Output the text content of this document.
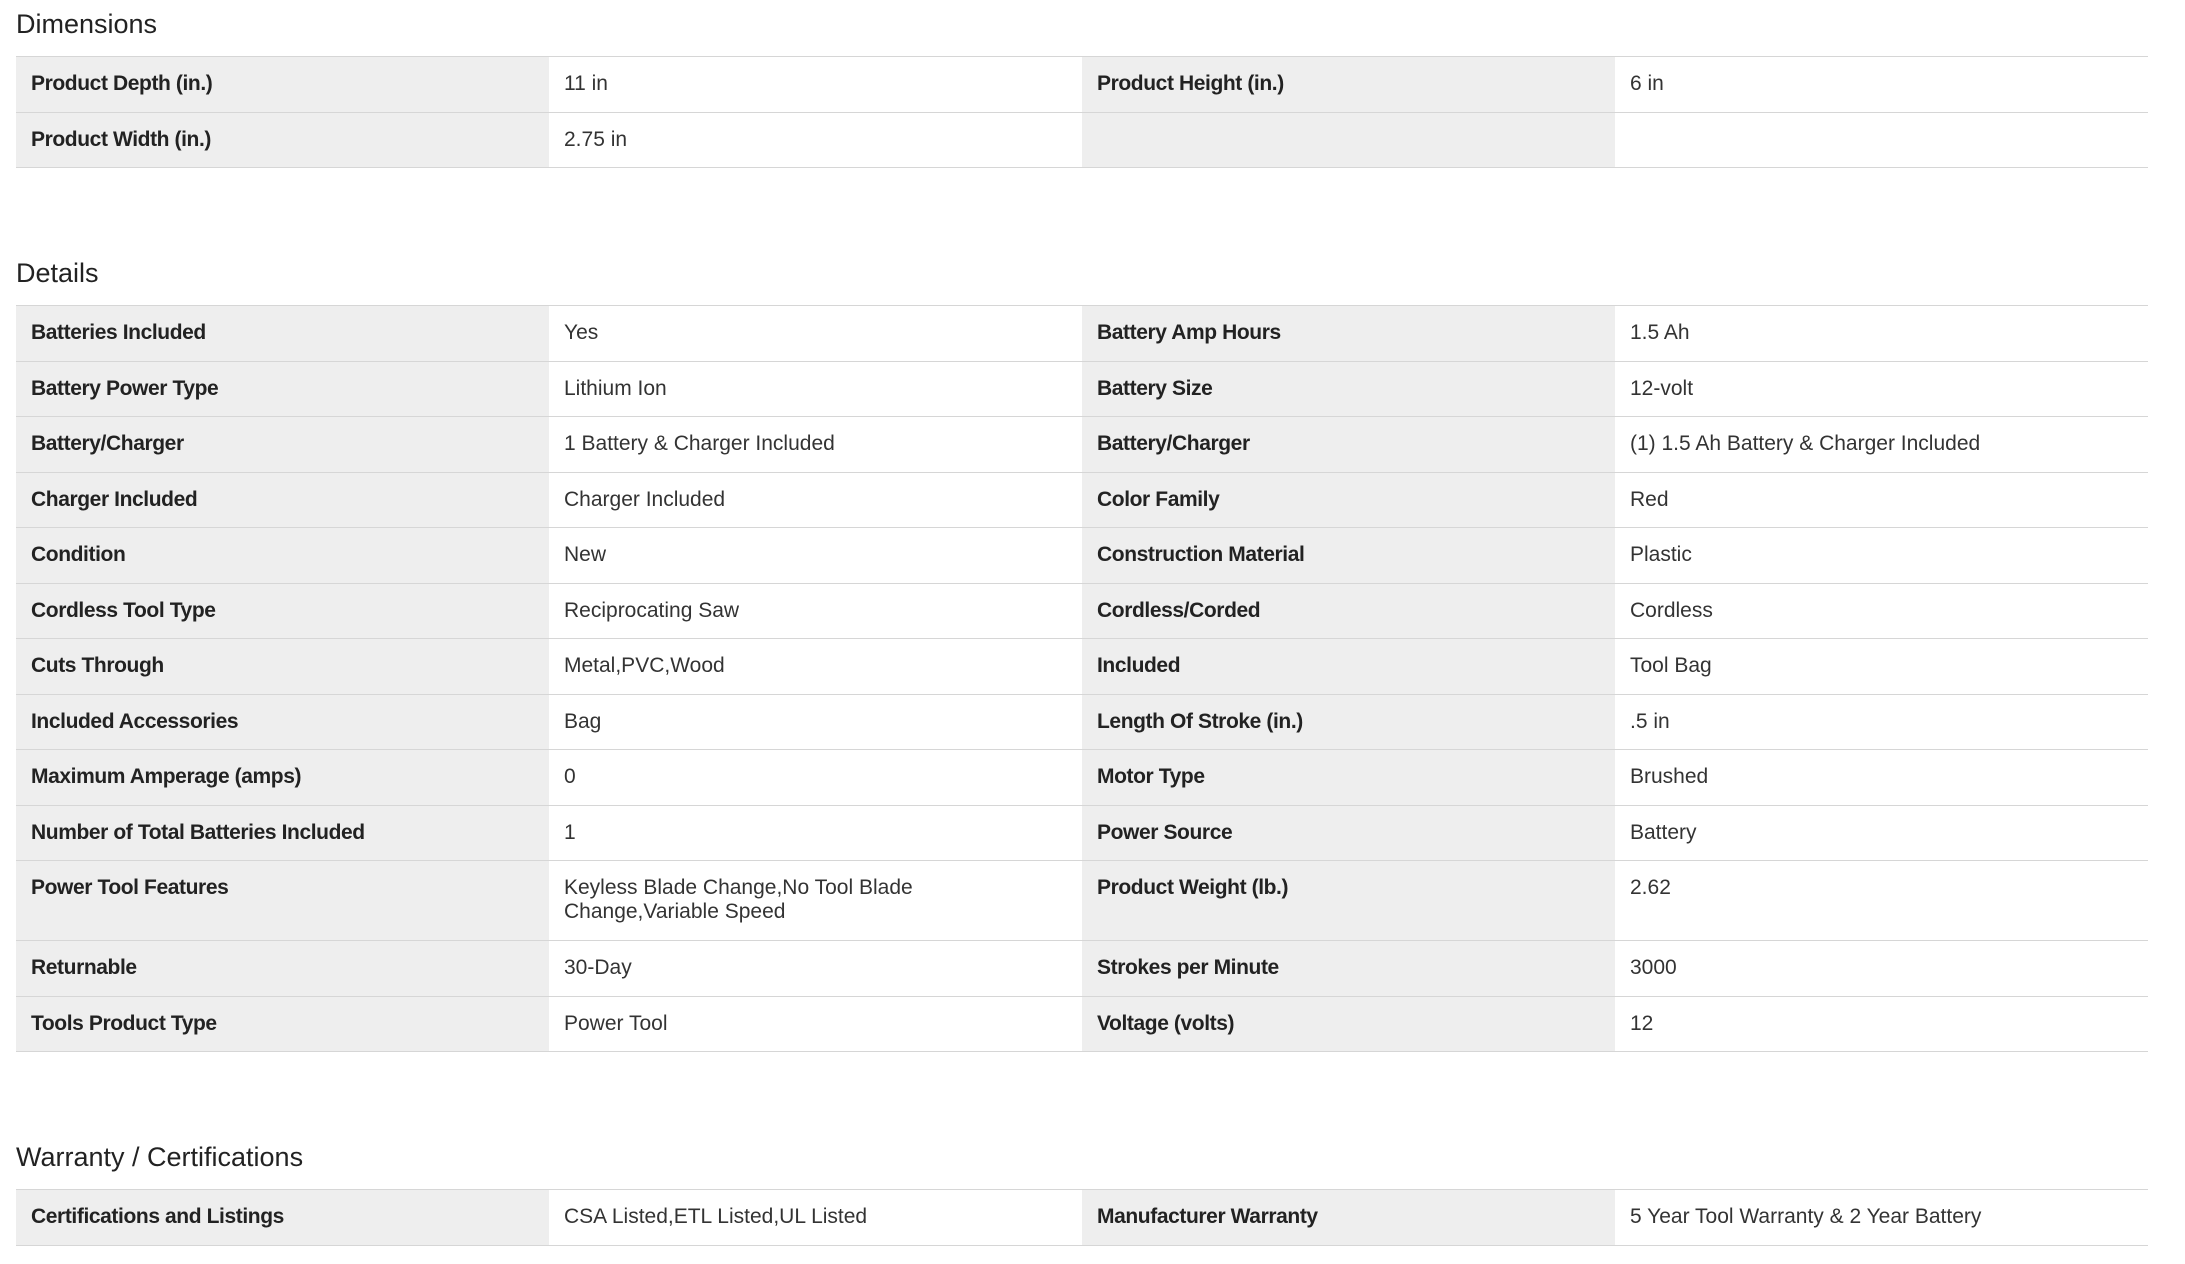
Dimensions
Product Depth (in.)	11 in	Product Height (in.)	6 in
Product Width (in.)	2.75 in		
Details
Batteries Included	Yes	Battery Amp Hours	1.5 Ah
Battery Power Type	Lithium Ion	Battery Size	12-volt
Battery/Charger	1 Battery & Charger Included	Battery/Charger	(1) 1.5 Ah Battery & Charger Included
Charger Included	Charger Included	Color Family	Red
Condition	New	Construction Material	Plastic
Cordless Tool Type	Reciprocating Saw	Cordless/Corded	Cordless
Cuts Through	Metal,PVC,Wood	Included	Tool Bag
Included Accessories	Bag	Length Of Stroke (in.)	.5 in
Maximum Amperage (amps)	0	Motor Type	Brushed
Number of Total Batteries Included	1	Power Source	Battery
Power Tool Features	Keyless Blade Change,No Tool Blade Change,Variable Speed	Product Weight (lb.)	2.62
Returnable	30-Day	Strokes per Minute	3000
Tools Product Type	Power Tool	Voltage (volts)	12
Warranty / Certifications
Certifications and Listings	CSA Listed,ETL Listed,UL Listed	Manufacturer Warranty	5 Year Tool Warranty & 2 Year Battery
